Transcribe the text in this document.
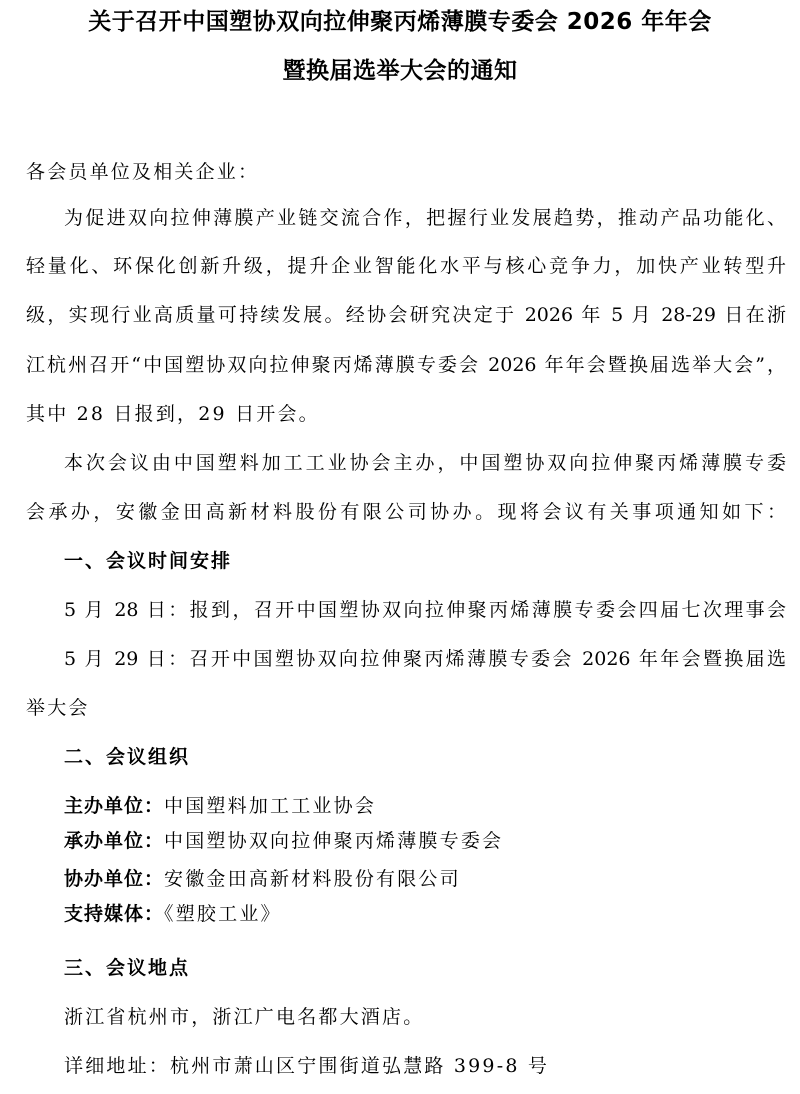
关于召开中国塑协双向拉伸聚丙烯薄膜专委会 2026 年年会
暨换届选举大会的通知
各会员单位及相关企业：
为促进双向拉伸薄膜产业链交流合作，把握行业发展趋势，推动产品功能化、
轻量化、环保化创新升级，提升企业智能化水平与核心竞争力，加快产业转型升
级，实现行业高质量可持续发展。经协会研究决定于 2026 年 5 月 28-29 日在浙
江杭州召开“中国塑协双向拉伸聚丙烯薄膜专委会 2026 年年会暨换届选举大会”，
其中 28 日报到，29 日开会。
本次会议由中国塑料加工工业协会主办，中国塑协双向拉伸聚丙烯薄膜专委
会承办，安徽金田高新材料股份有限公司协办。现将会议有关事项通知如下：
一、会议时间安排
5 月 28 日：报到，召开中国塑协双向拉伸聚丙烯薄膜专委会四届七次理事会
5 月 29 日：召开中国塑协双向拉伸聚丙烯薄膜专委会 2026 年年会暨换届选
举大会
二、会议组织
主办单位：中国塑料加工工业协会
承办单位：中国塑协双向拉伸聚丙烯薄膜专委会
协办单位：安徽金田高新材料股份有限公司
支持媒体：《塑胶工业》
三、会议地点
浙江省杭州市，浙江广电名都大酒店。
详细地址：杭州市萧山区宁围街道弘慧路 399-8 号
